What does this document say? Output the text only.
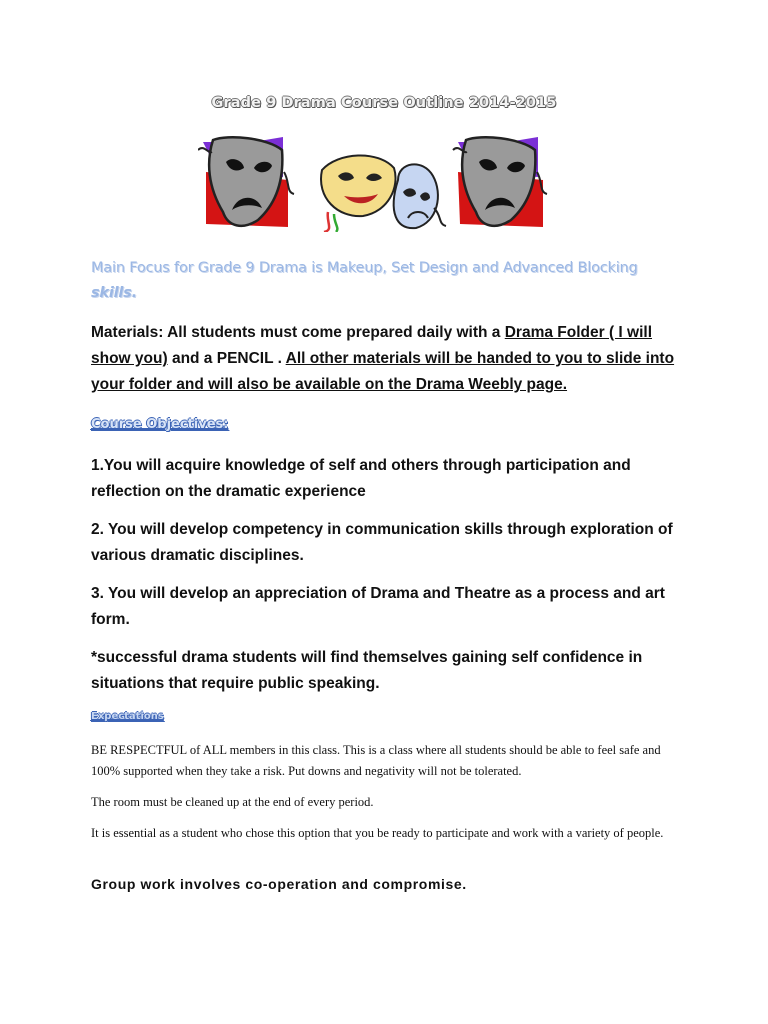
Grade 9 Drama Course Outline 2014-2015
Main Focus for Grade 9 Drama is Makeup, Set Design and Advanced Blocking
skills.
Materials: All students must come prepared daily with a Drama Folder ( I will show you) and a PENCIL . All other materials will be handed to you to slide into your folder and will also be available on the Drama Weebly page.
Course Objectives:
1.You will acquire knowledge of self and others through participation and reflection on the dramatic experience
2. You will develop competency in communication skills through exploration of various dramatic disciplines.
3. You will develop an appreciation of Drama and Theatre as a process and art form.
*successful drama students will find themselves gaining self confidence in situations that require public speaking.
Expectations
BE RESPECTFUL of ALL members in this class. This is a class where all students should be able to feel safe and 100% supported when they take a risk. Put downs and negativity will not be tolerated.
The room must be cleaned up at the end of every period.
It is essential as a student who chose this option that you be ready to participate and work with a variety of people.
Group work involves co-operation and compromise.
